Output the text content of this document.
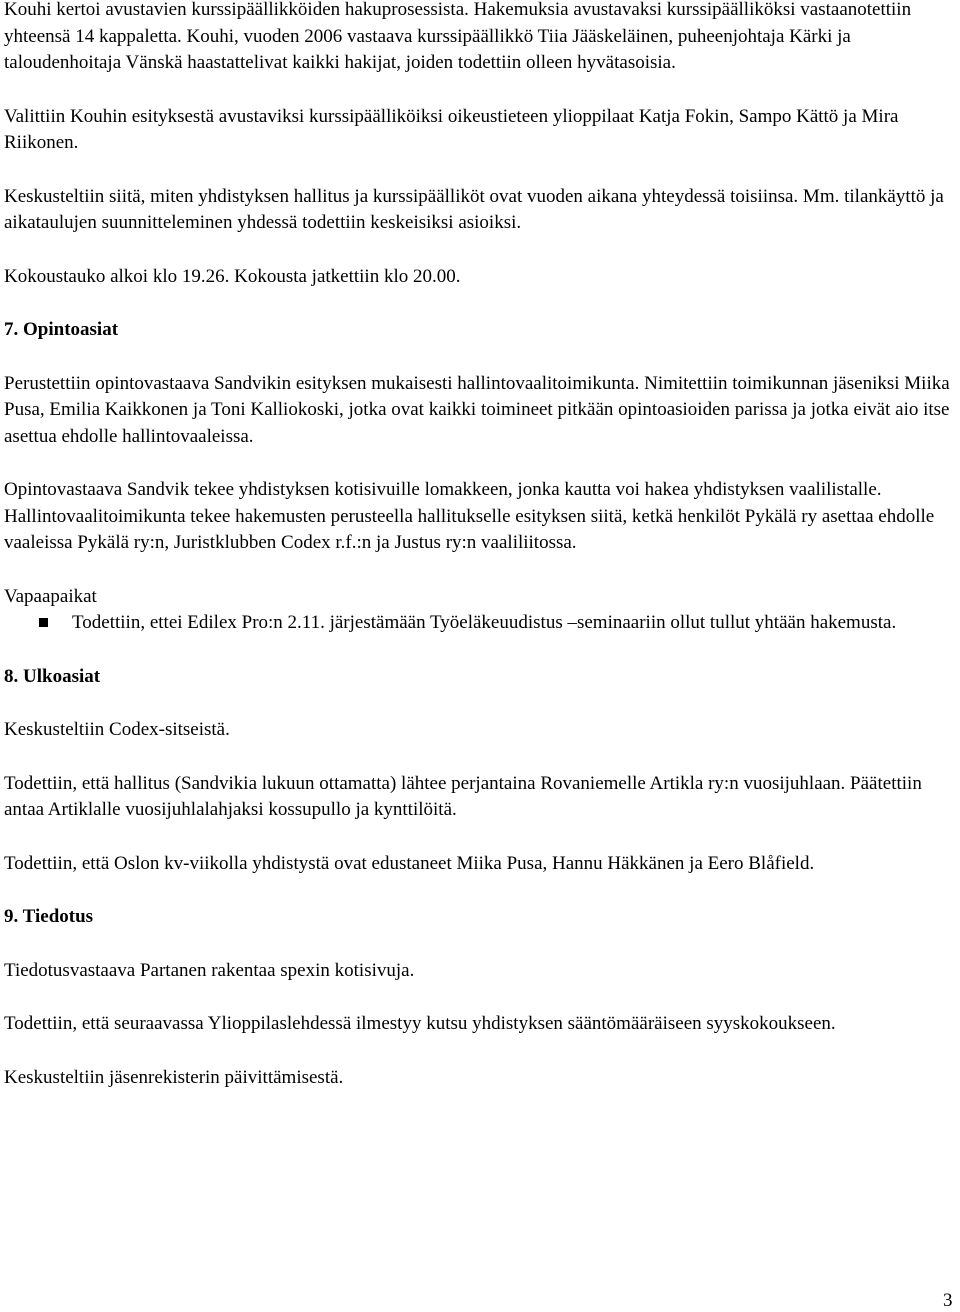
Kouhi kertoi avustavien kurssipäällikköiden hakuprosessista. Hakemuksia avustavaksi kurssipäälliköksi vastaanotettiin yhteensä 14 kappaletta. Kouhi, vuoden 2006 vastaava kurssipäällikkö Tiia Jääskeläinen, puheenjohtaja Kärki ja taloudenhoitaja Vänskä haastattelivat kaikki hakijat, joiden todettiin olleen hyvätasoisia.

Valittiin Kouhin esityksestä avustaviksi kurssipäälliköiksi oikeustieteen ylioppilaat Katja Fokin, Sampo Kättö ja Mira Riikonen.

Keskusteltiin siitä, miten yhdistyksen hallitus ja kurssipäälliköt ovat vuoden aikana yhteydessä toisiinsa. Mm. tilankäyttö ja aikataulujen suunnitteleminen yhdessä todettiin keskeisiksi asioiksi.

Kokoustauko alkoi klo 19.26. Kokousta jatkettiin klo 20.00.

7. Opintoasiat

Perustettiin opintovastaava Sandvikin esityksen mukaisesti hallintovaalitoimikunta. Nimitettiin toimikunnan jäseniksi Miika Pusa, Emilia Kaikkonen ja Toni Kalliokoski, jotka ovat kaikki toimineet pitkään opintoasioiden parissa ja jotka eivät aio itse asettua ehdolle hallintovaaleissa.

Opintovastaava Sandvik tekee yhdistyksen kotisivuille lomakkeen, jonka kautta voi hakea yhdistyksen vaalilistalle. Hallintovaalitoimikunta tekee hakemusten perusteella hallitukselle esityksen siitä, ketkä henkilöt Pykälä ry asettaa ehdolle vaaleissa Pykälä ry:n, Juristklubben Codex r.f.:n ja Justus ry:n vaaliliitossa.

Vapaapaikat

Todettiin, ettei Edilex Pro:n 2.11. järjestämään Työeläkeuudistus –seminaariin ollut tullut yhtään hakemusta.
8. Ulkoasiat

Keskusteltiin Codex-sitseistä.

Todettiin, että hallitus (Sandvikia lukuun ottamatta) lähtee perjantaina Rovaniemelle Artikla ry:n vuosijuhlaan. Päätettiin antaa Artiklalle vuosijuhlalahjaksi kossupullo ja kynttilöitä.

Todettiin, että Oslon kv-viikolla yhdistystä ovat edustaneet Miika Pusa, Hannu Häkkänen ja Eero Blåfield.

9. Tiedotus

Tiedotusvastaava Partanen rakentaa spexin kotisivuja.

Todettiin, että seuraavassa Ylioppilaslehdessä ilmestyy kutsu yhdistyksen sääntömääräiseen syyskokoukseen.

Keskusteltiin jäsenrekisterin päivittämisestä.

3
